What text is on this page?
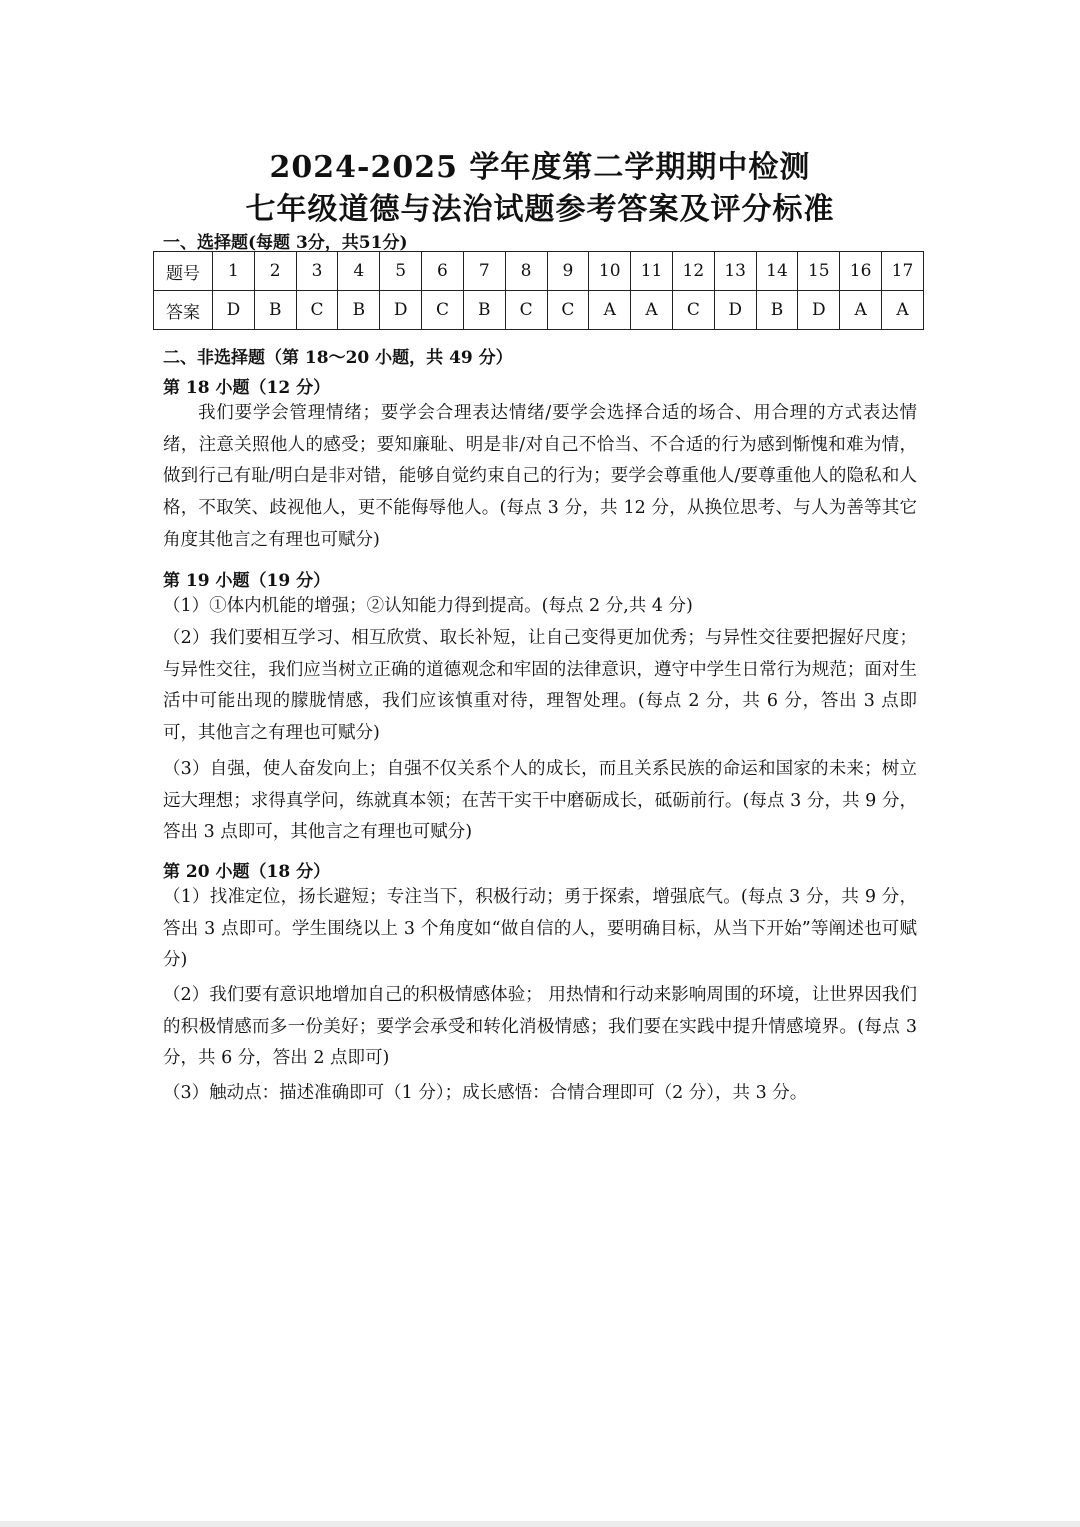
2024-2025 学年度第二学期期中检测
七年级道德与法治试题参考答案及评分标准

一、选择题(每题 3分，共51分)

题号	1	2	3	4	5	6	7	8	9	10	11	12	13	14	15	16	17
答案	D	B	C	B	D	C	B	C	C	A	A	C	D	B	D	A	A

二、非选择题（第 18～20 小题，共 49 分）

第 18 小题（12 分）

我们要学会管理情绪；要学会合理表达情绪/要学会选择合适的场合、用合理的方式表达情绪，注意关照他人的感受；要知廉耻、明是非/对自己不恰当、不合适的行为感到惭愧和难为情，做到行己有耻/明白是非对错，能够自觉约束自己的行为；要学会尊重他人/要尊重他人的隐私和人格，不取笑、歧视他人，更不能侮辱他人。(每点 3 分，共 12 分，从换位思考、与人为善等其它角度其他言之有理也可赋分)

第 19 小题（19 分）

（1）①体内机能的增强；②认知能力得到提高。(每点 2 分,共 4 分)

（2）我们要相互学习、相互欣赏、取长补短，让自己变得更加优秀；与异性交往要把握好尺度；与异性交往，我们应当树立正确的道德观念和牢固的法律意识，遵守中学生日常行为规范；面对生活中可能出现的朦胧情感，我们应该慎重对待，理智处理。(每点 2 分，共 6 分，答出 3 点即可，其他言之有理也可赋分)

（3）自强，使人奋发向上；自强不仅关系个人的成长，而且关系民族的命运和国家的未来；树立远大理想；求得真学问，练就真本领；在苦干实干中磨砺成长，砥砺前行。(每点 3 分，共 9 分，答出 3 点即可，其他言之有理也可赋分)

第 20 小题（18 分）

（1）找准定位，扬长避短；专注当下，积极行动；勇于探索，增强底气。(每点 3 分，共 9 分，答出 3 点即可。学生围绕以上 3 个角度如“做自信的人，要明确目标，从当下开始”等阐述也可赋分)

（2）我们要有意识地增加自己的积极情感体验； 用热情和行动来影响周围的环境，让世界因我们的积极情感而多一份美好；要学会承受和转化消极情感；我们要在实践中提升情感境界。(每点 3 分，共 6 分，答出 2 点即可)

（3）触动点：描述准确即可（1 分）；成长感悟：合情合理即可（2 分），共 3 分。
